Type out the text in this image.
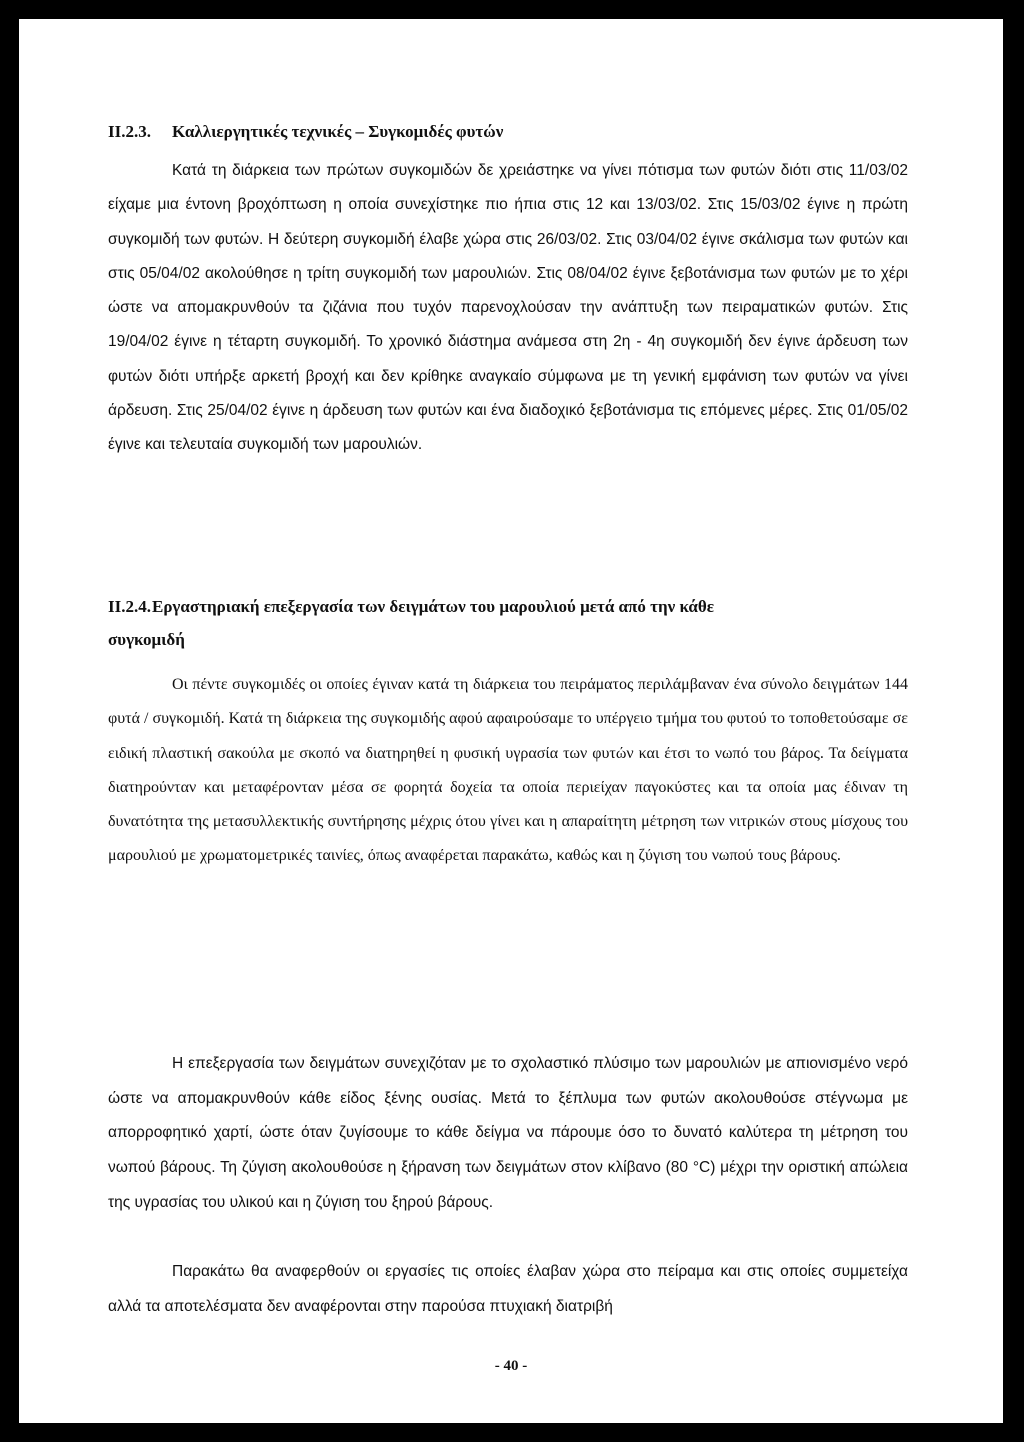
ΙΙ.2.3. Καλλιεργητικές τεχνικές – Συγκομιδές φυτών
Κατά τη διάρκεια των πρώτων συγκομιδών δε χρειάστηκε να γίνει πότισμα των φυτών διότι στις 11/03/02 είχαμε μια έντονη βροχόπτωση η οποία συνεχίστηκε πιο ήπια στις 12 και 13/03/02. Στις 15/03/02 έγινε η πρώτη συγκομιδή των φυτών. Η δεύτερη συγκομιδή έλαβε χώρα στις 26/03/02. Στις 03/04/02 έγινε σκάλισμα των φυτών και στις 05/04/02 ακολούθησε η τρίτη συγκομιδή των μαρουλιών. Στις 08/04/02 έγινε ξεβοτάνισμα των φυτών με το χέρι ώστε να απομακρυνθούν τα ζιζάνια που τυχόν παρενοχλούσαν την ανάπτυξη των πειραματικών φυτών. Στις 19/04/02 έγινε η τέταρτη συγκομιδή. Το χρονικό διάστημα ανάμεσα στη 2η - 4η συγκομιδή δεν έγινε άρδευση των φυτών διότι υπήρξε αρκετή βροχή και δεν κρίθηκε αναγκαίο σύμφωνα με τη γενική εμφάνιση των φυτών να γίνει άρδευση. Στις 25/04/02 έγινε η άρδευση των φυτών και ένα διαδοχικό ξεβοτάνισμα τις επόμενες μέρες. Στις 01/05/02 έγινε και τελευταία συγκομιδή των μαρουλιών.
ΙΙ.2.4.Εργαστηριακή επεξεργασία των δειγμάτων του μαρουλιού μετά από την κάθε
συγκομιδή
Οι πέντε συγκομιδές οι οποίες έγιναν κατά τη διάρκεια του πειράματος περιλάμβαναν ένα σύνολο δειγμάτων 144 φυτά / συγκομιδή. Κατά τη διάρκεια της συγκομιδής αφού αφαιρούσαμε το υπέργειο τμήμα του φυτού το τοποθετούσαμε σε ειδική πλαστική σακούλα με σκοπό να διατηρηθεί η φυσική υγρασία των φυτών και έτσι το νωπό του βάρος. Τα δείγματα διατηρούνταν και μεταφέρονταν μέσα σε φορητά δοχεία τα οποία περιείχαν παγοκύστες και τα οποία μας έδιναν τη δυνατότητα της μετασυλλεκτικής συντήρησης μέχρις ότου γίνει και η απαραίτητη μέτρηση των νιτρικών στους μίσχους του μαρουλιού με χρωματομετρικές ταινίες, όπως αναφέρεται παρακάτω, καθώς και η ζύγιση του νωπού τους βάρους.
Η επεξεργασία των δειγμάτων συνεχιζόταν με το σχολαστικό πλύσιμο των μαρουλιών με απιονισμένο νερό ώστε να απομακρυνθούν κάθε είδος ξένης ουσίας. Μετά το ξέπλυμα των φυτών ακολουθούσε στέγνωμα με απορροφητικό χαρτί, ώστε όταν ζυγίσουμε το κάθε δείγμα να πάρουμε όσο το δυνατό καλύτερα τη μέτρηση του νωπού βάρους. Τη ζύγιση ακολουθούσε η ξήρανση των δειγμάτων στον κλίβανο (80 °C) μέχρι την οριστική απώλεια της υγρασίας του υλικού και η ζύγιση του ξηρού βάρους.
Παρακάτω θα αναφερθούν οι εργασίες τις οποίες έλαβαν χώρα στο πείραμα και στις οποίες συμμετείχα αλλά τα αποτελέσματα δεν αναφέρονται στην παρούσα πτυχιακή διατριβή
- 40 -
